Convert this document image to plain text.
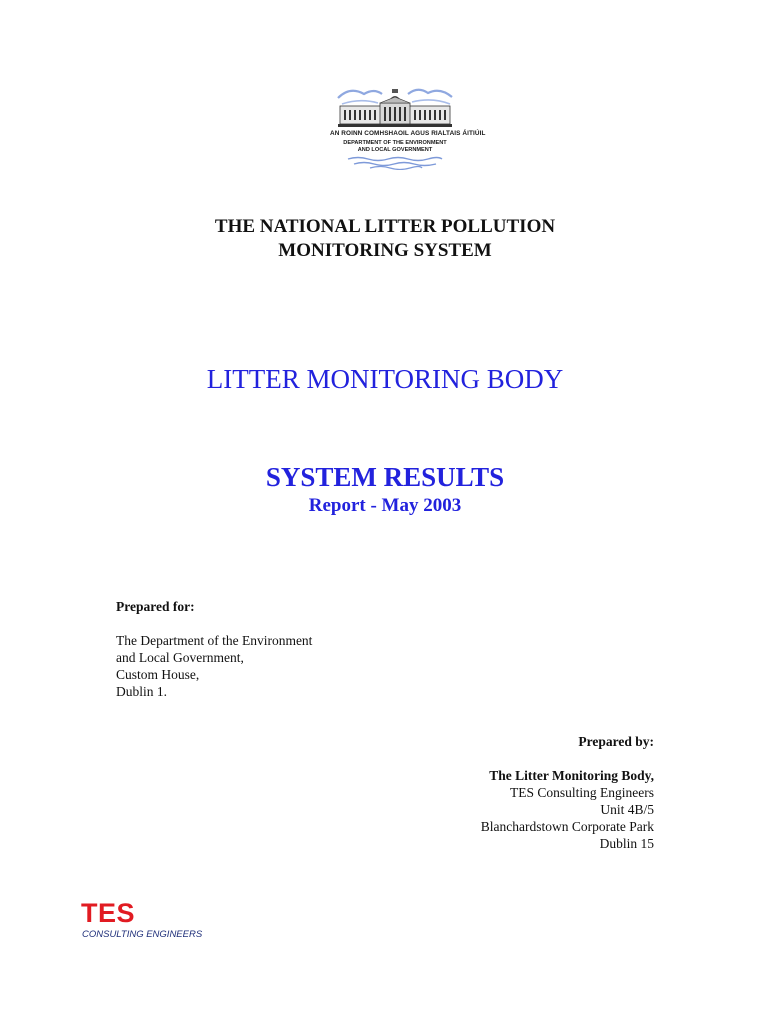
AN ROINN COMHSHAOIL AGUS RIALTAIS ÁITIÚIL
DEPARTMENT OF THE ENVIRONMENT
AND LOCAL GOVERNMENT
THE NATIONAL LITTER POLLUTION
MONITORING SYSTEM
LITTER MONITORING BODY
SYSTEM RESULTS
Report - May 2003
Prepared for:
The Department of the Environment
and Local Government,
Custom House,
Dublin 1.
Prepared by:
The Litter Monitoring Body,
TES Consulting Engineers
Unit 4B/5
Blanchardstown Corporate Park
Dublin 15
TES
CONSULTING ENGINEERS
